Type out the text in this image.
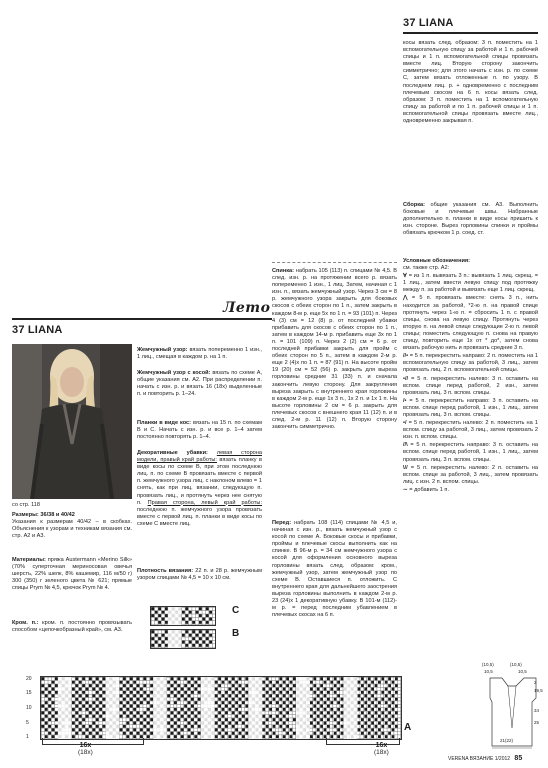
37 LIANA
косы вязать след. образом: 3 п. поместить на 1 вспомогательную спицу за работой и 1 п. рабочей спицы и 1 п. вспомогательной спицы провязать вместе лиц. Вторую сторону закончить симметрично; для этого начать с изн. р. по схеме С, затем вязать отложенные п. по узору. В последнем лиц. р. + одновременно с последним плечевым скосом на 6 п. косы вязать след. образом: 3 п. поместить на 1 вспомогательную спицу за работой и по 1 п. рабочей спицы и 1 п. вспомогательной спицы провязать вместе лиц., одновременно закрывая п.
Сборка: общие указания см. А3. Выполнить боковые и плечевые швы. Набранные дополнительно п. планки в виде косы пришить к изн. стороне. Вырез горловины спинки и проймы обвязать крючком 1 р. соед. ст.
Условные обозначения:
см. также стр. А2:
∀ = из 1 п. вывязать 3 п.: вывязать 1 лиц. скрещ. = 1 лиц., затем ввести левую спицу под протяжку между п. за работой и вывязать еще 1 лиц. скрещ.
⋀ = 5 п. провязать вместе: снять 3 п., нить находится за работой, *2-ю п. на правой спице протянуть через 1-ю п. = сбросить 1 п. с правой спицы, снова на левую спицу. Протянуть через вторую п. на левой спице следующие 2-ю п. левой спицы; поместить следующую п. снова на правую спицу, повторить еще 1x от * до*, затем снова вязать рабочую нить и провязать средние 3 п.
//• = 5 п. перекрестить направо: 2 п. поместить на 1 вспомогательную спицу за работой, 3 лиц., затем провязать лиц. 2 п. вспомогательной спицы.
•// = 5 п. перекрестить налево: 3 п. оставить на вспом. спице перед работой, 2 изн., затем провязать лиц. 3 п. вспом. спицы.
/• = 5 п. перекрестить направо: 3 п. оставить на вспом. спице перед работой, 1 изн., 1 лиц., затем провязать лиц. 3 п. вспом. спицы.
•/ = 5 п. перекрестить налево: 2 п. поместить на 1 вспом. спицу за работой, 3 лиц., затем провязать 2 изн. п. вспом. спицы.
//\ = 5 п. перекрестить направо: 3 п. оставить на вспом. спице перед работой, 1 изн., 1 лиц., затем провязать лиц. 3 п. вспом. спицы.
\// = 5 п. перекрестить налево: 2 п. оставить на вспом. спице за работой, 3 лиц., затем провязать лиц. с изн. 2 п. вспом. спицы.
∼ = добавить 1 п.
37 LIANA
Лето
со стр. 118
Размеры: 36/38 и 40/42
Указания к размерам 40/42 – в скобках. Объяснения к узорам и техникам вязания см. стр. А2 и А3.
Материалы: пряжа Austermann «Merino Silk» (70% суперточная мериносовая овечья шерсть, 22% шелк, 8% кашемир, 116 м/50 г) 300 (350) г зеленого цвета № 621; прямые спицы Prym № 4,5, крючок Prym № 4.
Кром. п.: кром. п. постоянно провязывать способом «цепочкобразный край», см. А3.
Жемчужный узор: вязать попеременно 1 изн., 1 лиц., смещая в каждом р. на 1 п.
Жемчужный узор с косой: вязать по схеме А, общие указания см. А2. При распределении п. начать с изн. р. и вязать 16 (18x) выделенные п. и повторить р. 1–24.
Планки в виде кос: вязать на 15 п. по схемам В и С. Начать с изн. р. и все р. 1–4 затем постоянно повторять р. 1–4.
Декоративные убавки: левая сторона модели, правый край работы: вязать планку в виде косы по схеме В, при этом последнюю лиц. п. по схеме В провязать вместе с первой п. жемчужного узора лиц. с наклоном влево = 1 снять, как при лиц. вязании, следующую п. провязать лиц., и протянуть через нее снятую п. Правая сторона, левый край работы: последнюю п. жемчужного узора провязать вместе с первой лиц. п. планки в виде косы по схеме С вместе лиц.
Плотность вязания: 22 п. и 28 р. жемчужным узором спицами № 4,5 = 10 x 10 см.
C
B
Спинка: набрать 105 (113) п. спицами № 4,5. В след. изн. р. на протяжении всего р. вязать попеременно 1 изн., 1 лиц. Затем, начиная с 1 изн. п., вязать жемчужный узор. Через 3 см = 8 р. жемчужного узора закрыть для боковых скосов с обеих сторон по 1 п., затем закрыть в каждом 8-м р. еще 5x по 1 п. = 93 (101) п. Через 4 (3) см = 12 (8) р. от последней убавки прибавить для скосов с обеих сторон по 1 п., затем в каждом 14-м р. прибавить еще 3x по 1 п. = 101 (109) п. Через 2 (2) см = 6 р. от последней прибавки закрыть для пройм с обеих сторон по 5 п., затем в каждом 2-м р. еще 2 (4)x по 1 п. = 87 (91) п. На высоте пройм 19 (20) см = 52 (56) р. закрыть для выреза горловины средние 31 (33) п. и сначала закончить левую сторону. Для закругления выреза закрыть с внутреннего края горловины в каждом 2-м р. еще 1x 3 п., 1x 2 п. и 1x 1 п. На высоте горловины 2 см = 6 р. закрыть для плечевых скосов с внешнего края 11 (12) п. и в след. 2-м р. 11 (12) п. Вторую сторону закончить симметрично.
Перед: набрать 108 (114) спицами № 4,5 и, начиная с изн. р., вязать жемчужный узор с косой по схеме А. Боковые скосы и прибавки, проймы и плечевые скосы выполнить как на спинке. В 96-м р. = 34 см жемчужного узора с косой для оформления основного выреза горловины вязать след. образом: кром., жемчужный узор, затем жемчужный узор по схеме В. Оставшиеся п. отложить. С внутреннего края для дальнейшего заострения выреза горловины выполнить в каждом 2-м р. 23 (24)x 1 декоративную убавку. В 101-м (112)-м р. = перед последним убавлением в плечевых скосах на 6 п.
(10,5)	(10,5)
10,5	10,5
34
25
19,5
2
21(22)
20
15
10
5
1
A
16x
(18x)
16x
(18x)
VERENA ВЯЗАНИЕ 1/2012 85
